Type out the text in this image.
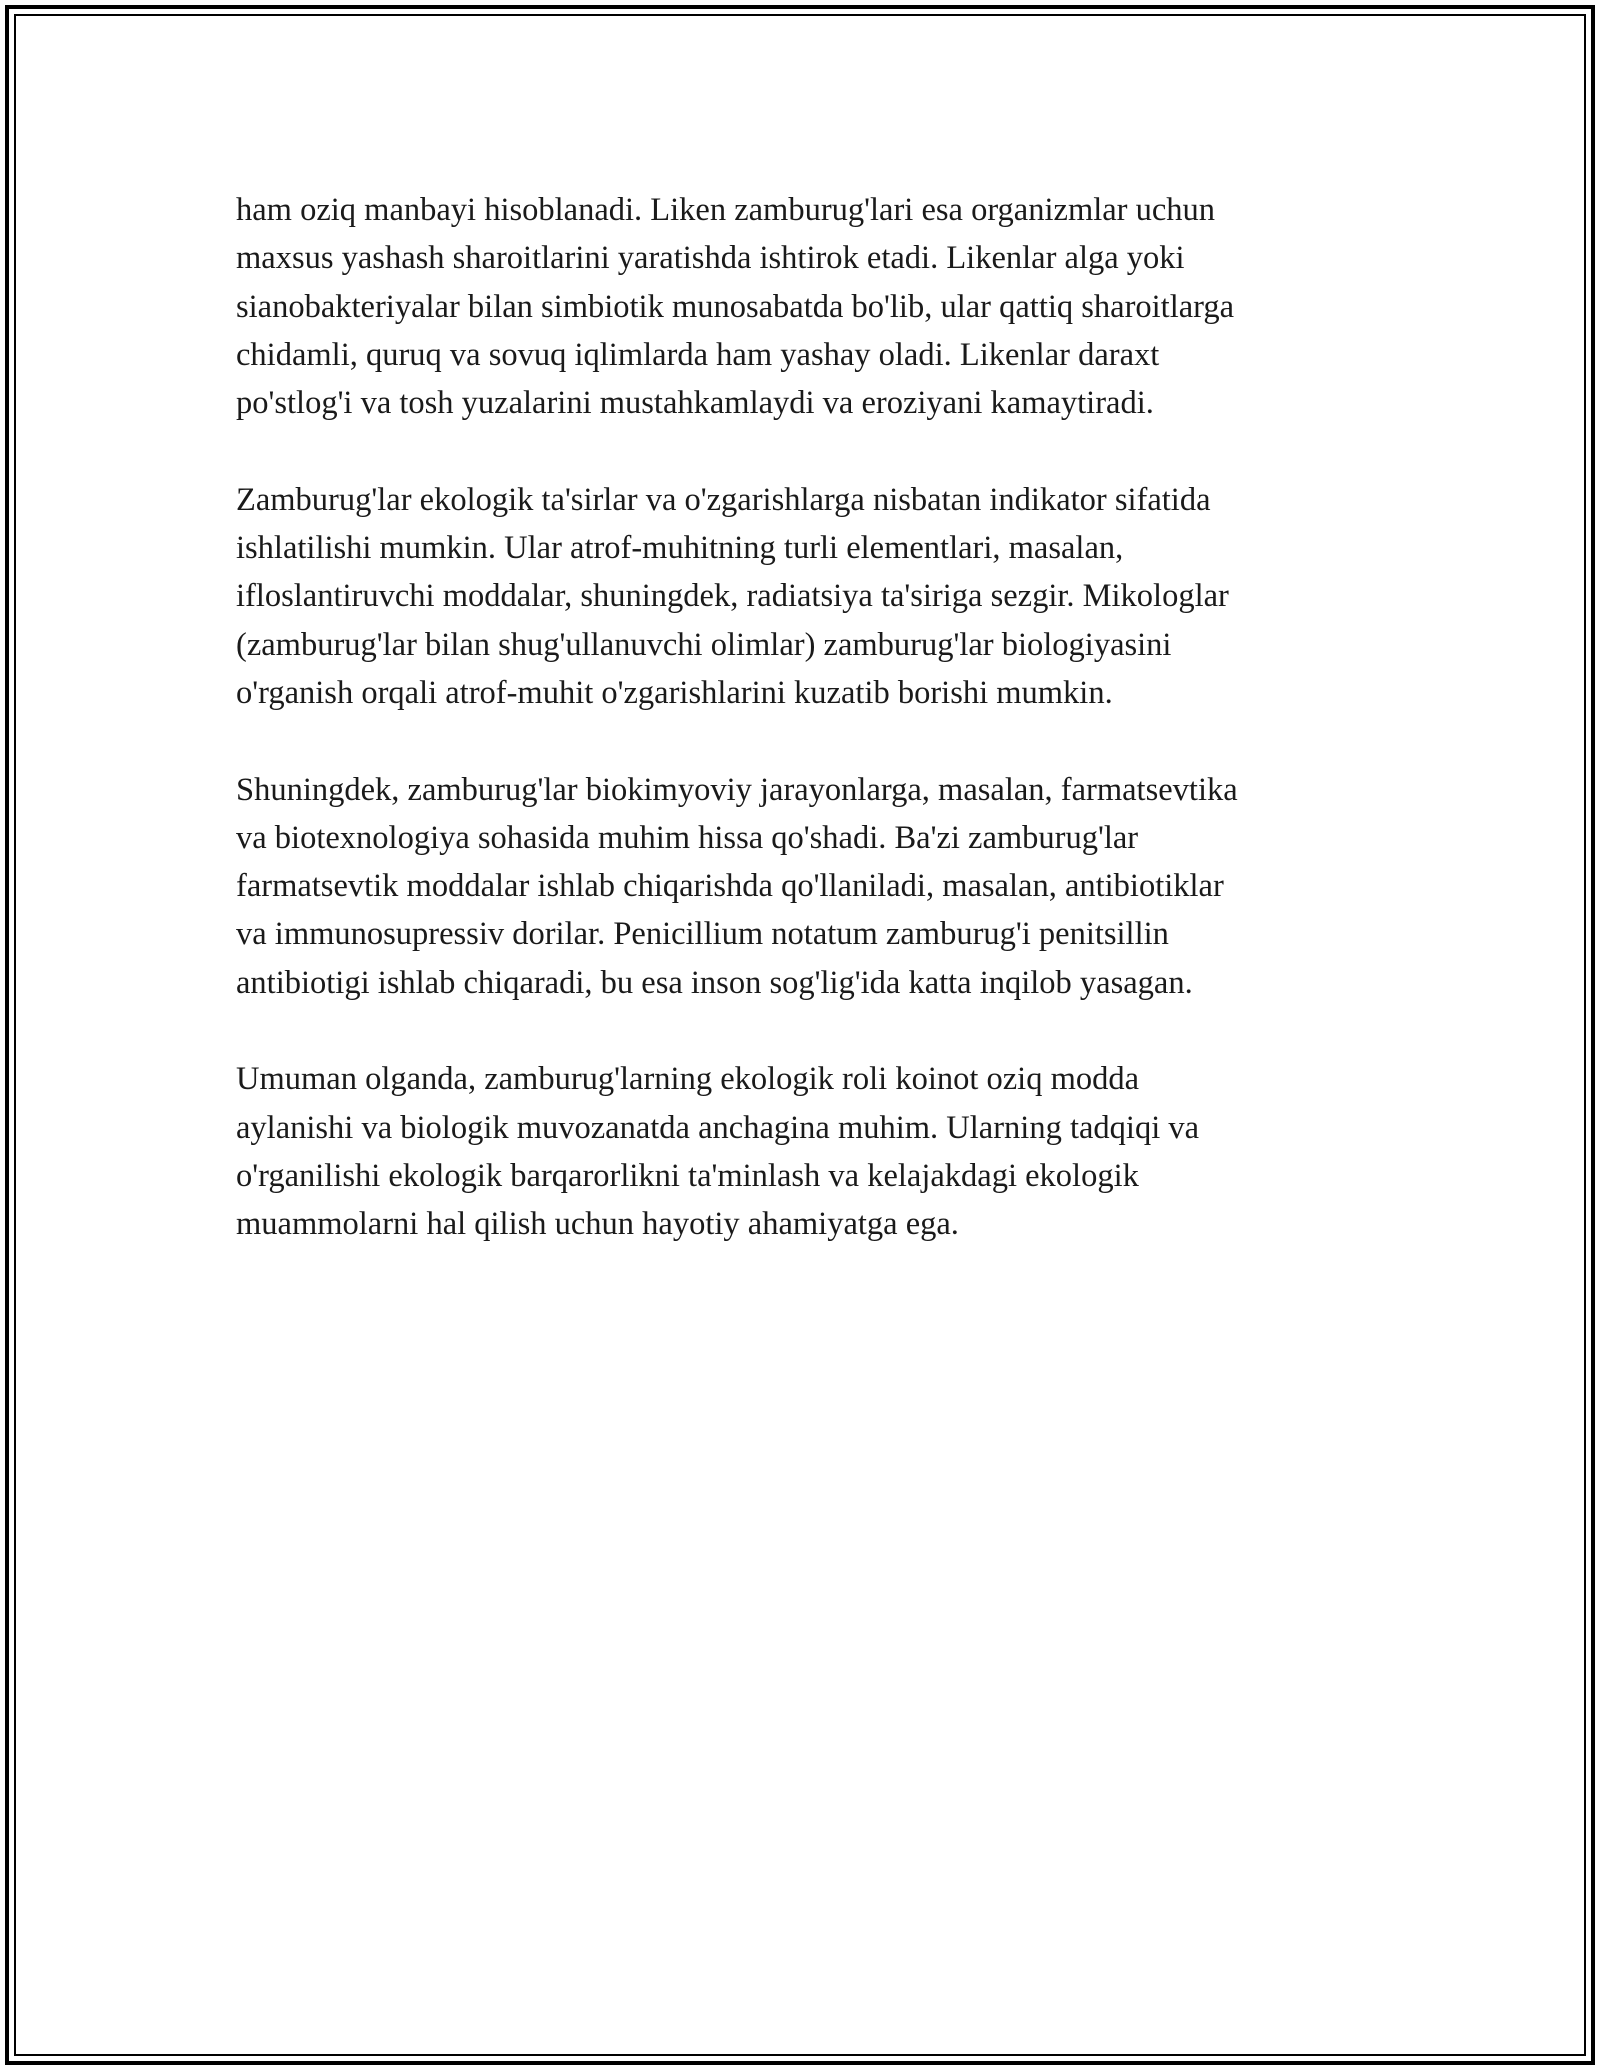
ham oziq manbayi hisoblanadi. Liken zamburug'lari esa organizmlar uchun
maxsus yashash sharoitlarini yaratishda ishtirok etadi. Likenlar alga yoki
sianobakteriyalar bilan simbiotik munosabatda bo'lib, ular qattiq sharoitlarga
chidamli, quruq va sovuq iqlimlarda ham yashay oladi. Likenlar daraxt
po'stlog'i va tosh yuzalarini mustahkamlaydi va eroziyani kamaytiradi.

Zamburug'lar ekologik ta'sirlar va o'zgarishlarga nisbatan indikator sifatida
ishlatilishi mumkin. Ular atrof-muhitning turli elementlari, masalan,
ifloslantiruvchi moddalar, shuningdek, radiatsiya ta'siriga sezgir. Mikologlar
(zamburug'lar bilan shug'ullanuvchi olimlar) zamburug'lar biologiyasini
o'rganish orqali atrof-muhit o'zgarishlarini kuzatib borishi mumkin.

Shuningdek, zamburug'lar biokimyoviy jarayonlarga, masalan, farmatsevtika
va biotexnologiya sohasida muhim hissa qo'shadi. Ba'zi zamburug'lar
farmatsevtik moddalar ishlab chiqarishda qo'llaniladi, masalan, antibiotiklar
va immunosupressiv dorilar. Penicillium notatum zamburug'i penitsillin
antibiotigi ishlab chiqaradi, bu esa inson sog'lig'ida katta inqilob yasagan.

Umuman olganda, zamburug'larning ekologik roli koinot oziq modda
aylanishi va biologik muvozanatda anchagina muhim. Ularning tadqiqi va
o'rganilishi ekologik barqarorlikni ta'minlash va kelajakdagi ekologik
muammolarni hal qilish uchun hayotiy ahamiyatga ega.
